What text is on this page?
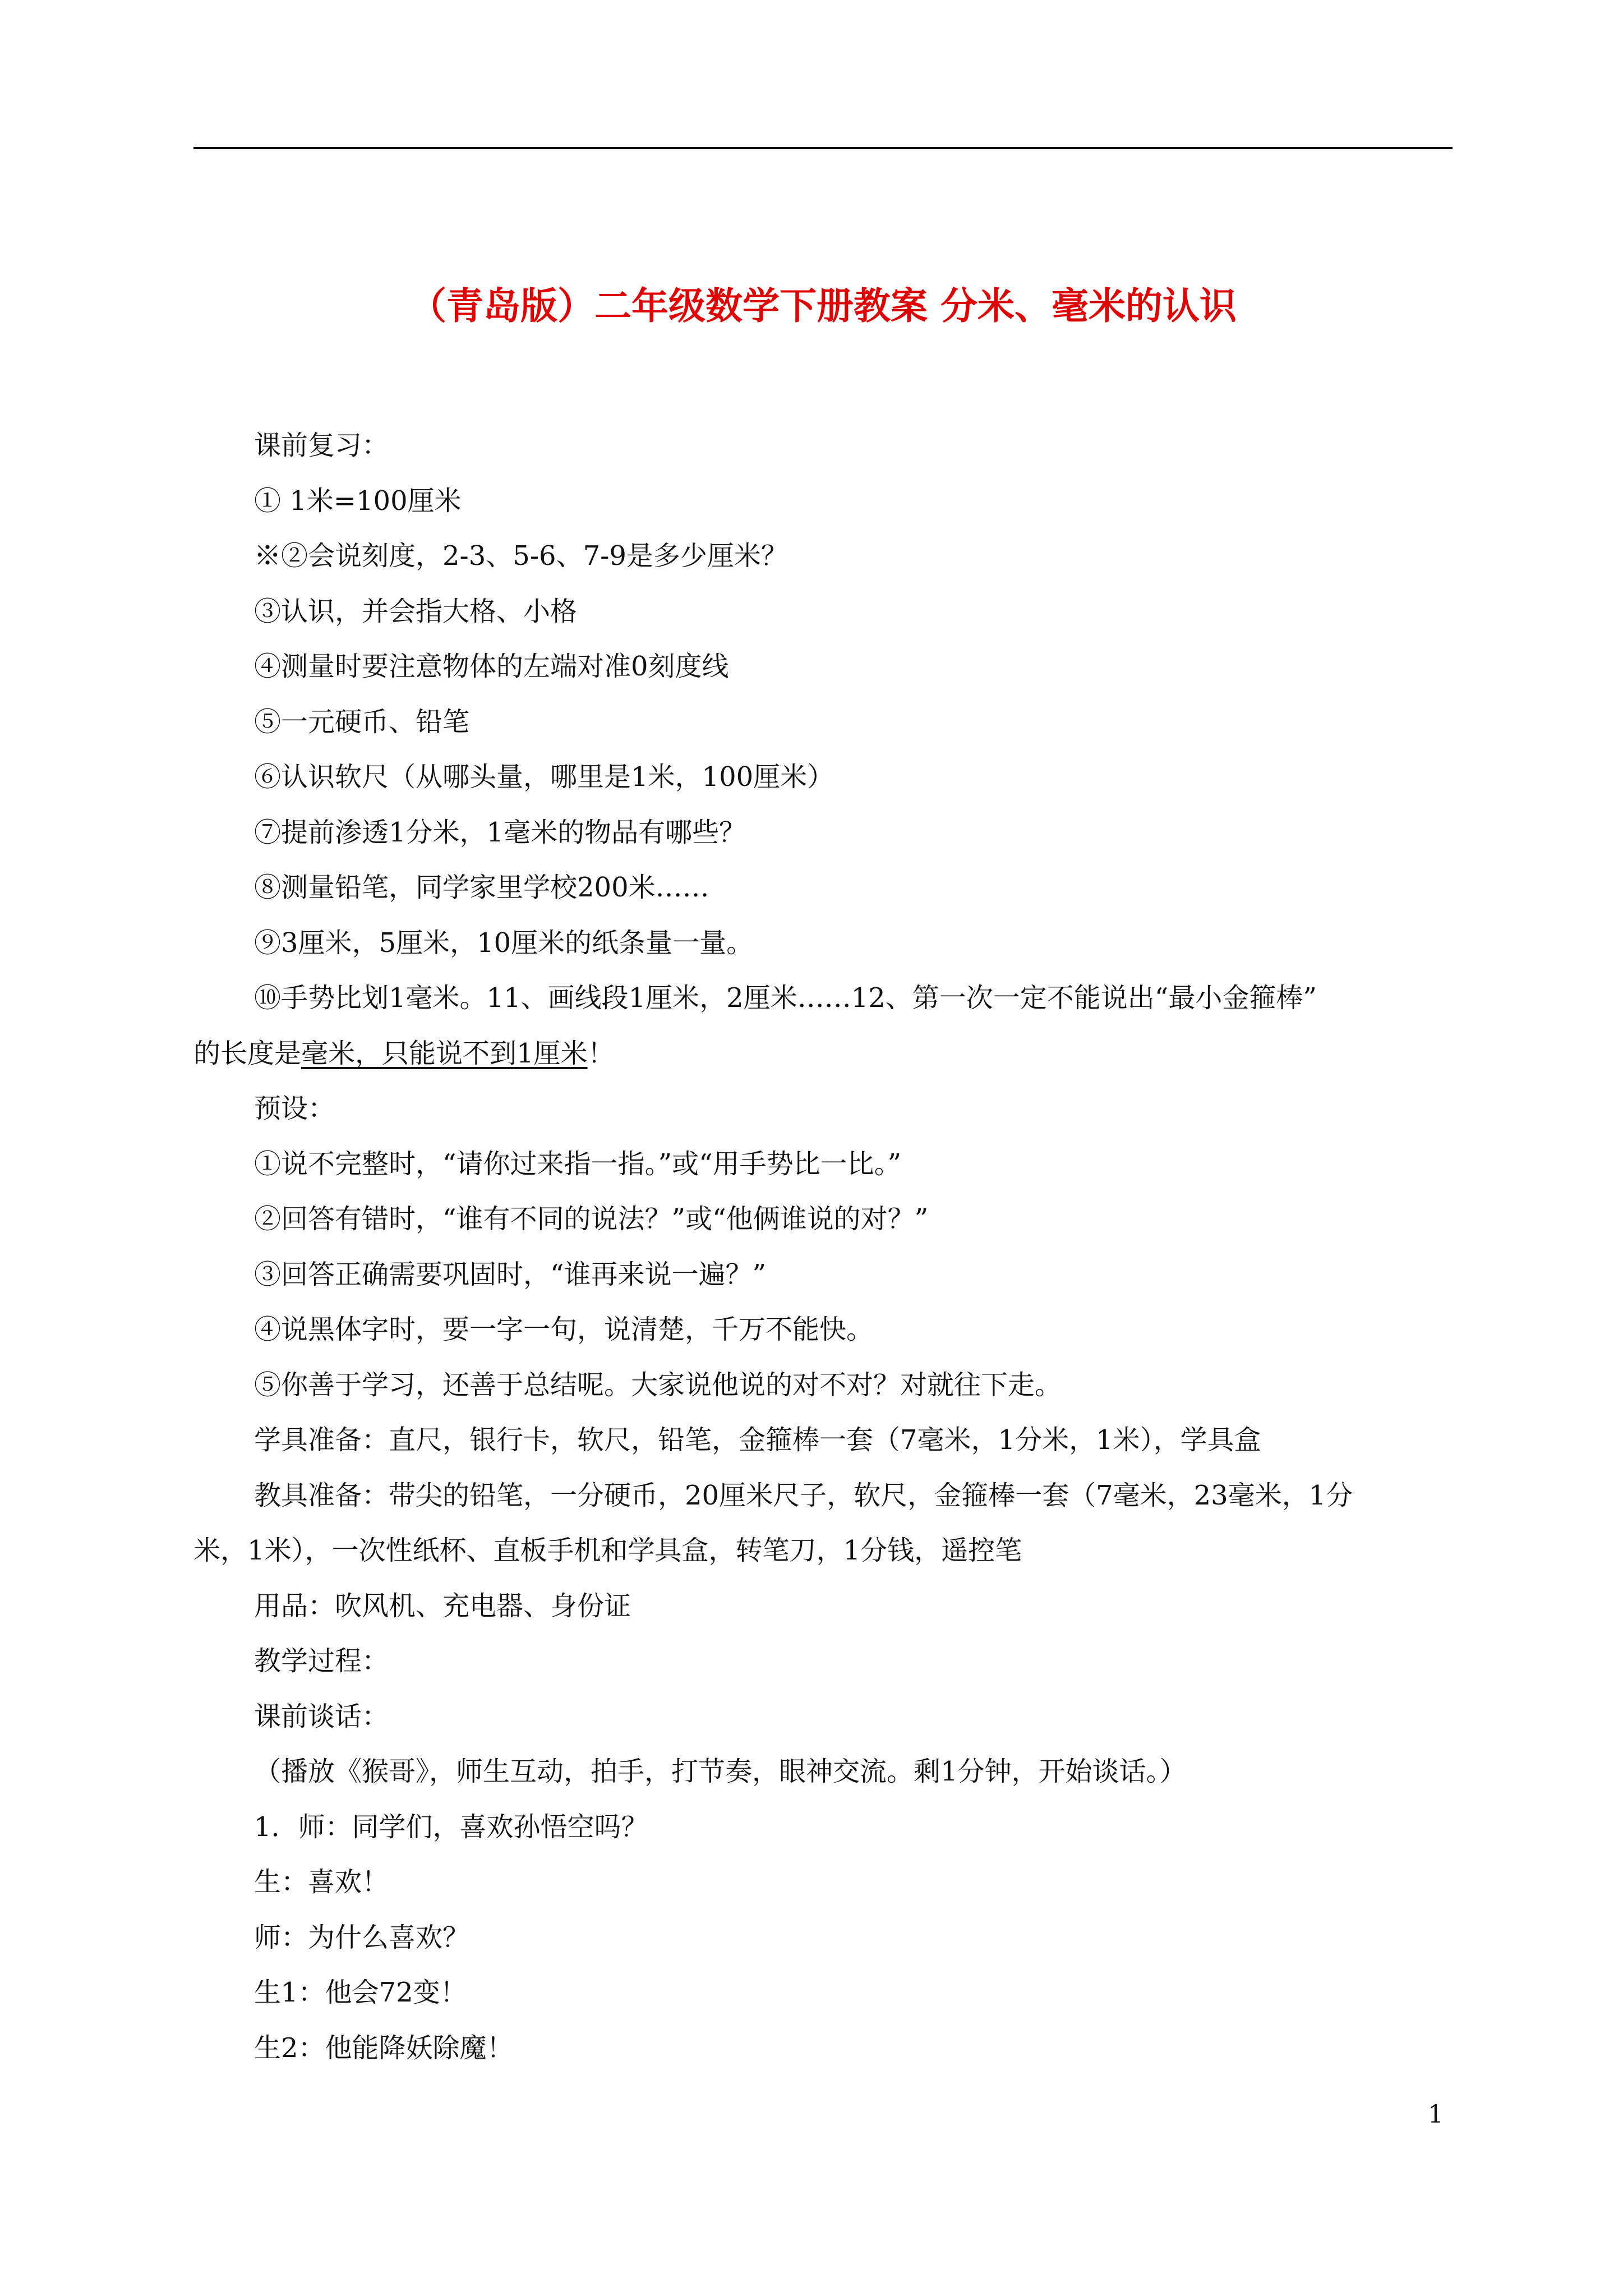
（青岛版）二年级数学下册教案 分米、毫米的认识

课前复习：

① 1米=100厘米

※②会说刻度，2-3、5-6、7-9是多少厘米？

③认识，并会指大格、小格

④测量时要注意物体的左端对准0刻度线

⑤一元硬币、铅笔

⑥认识软尺（从哪头量，哪里是1米，100厘米）

⑦提前渗透1分米，1毫米的物品有哪些？

⑧测量铅笔，同学家里学校200米……

⑨3厘米，5厘米，10厘米的纸条量一量。

⑩手势比划1毫米。11、画线段1厘米，2厘米……12、第一次一定不能说出“最小金箍棒”

的长度是毫米，只能说不到1厘米！

预设：

①说不完整时，“请你过来指一指。”或“用手势比一比。”

②回答有错时，“谁有不同的说法？”或“他俩谁说的对？”

③回答正确需要巩固时，“谁再来说一遍？”

④说黑体字时，要一字一句，说清楚，千万不能快。

⑤你善于学习，还善于总结呢。大家说他说的对不对？对就往下走。

学具准备：直尺，银行卡，软尺，铅笔，金箍棒一套（7毫米，1分米，1米），学具盒

教具准备：带尖的铅笔，一分硬币，20厘米尺子，软尺，金箍棒一套（7毫米，23毫米，1分

米，1米），一次性纸杯、直板手机和学具盒，转笔刀，1分钱，遥控笔

用品：吹风机、充电器、身份证

教学过程：

课前谈话：

（播放《猴哥》，师生互动，拍手，打节奏，眼神交流。剩1分钟，开始谈话。）

1．师：同学们，喜欢孙悟空吗？

生：喜欢！

师：为什么喜欢？

生1：他会72变！

生2：他能降妖除魔！

1
